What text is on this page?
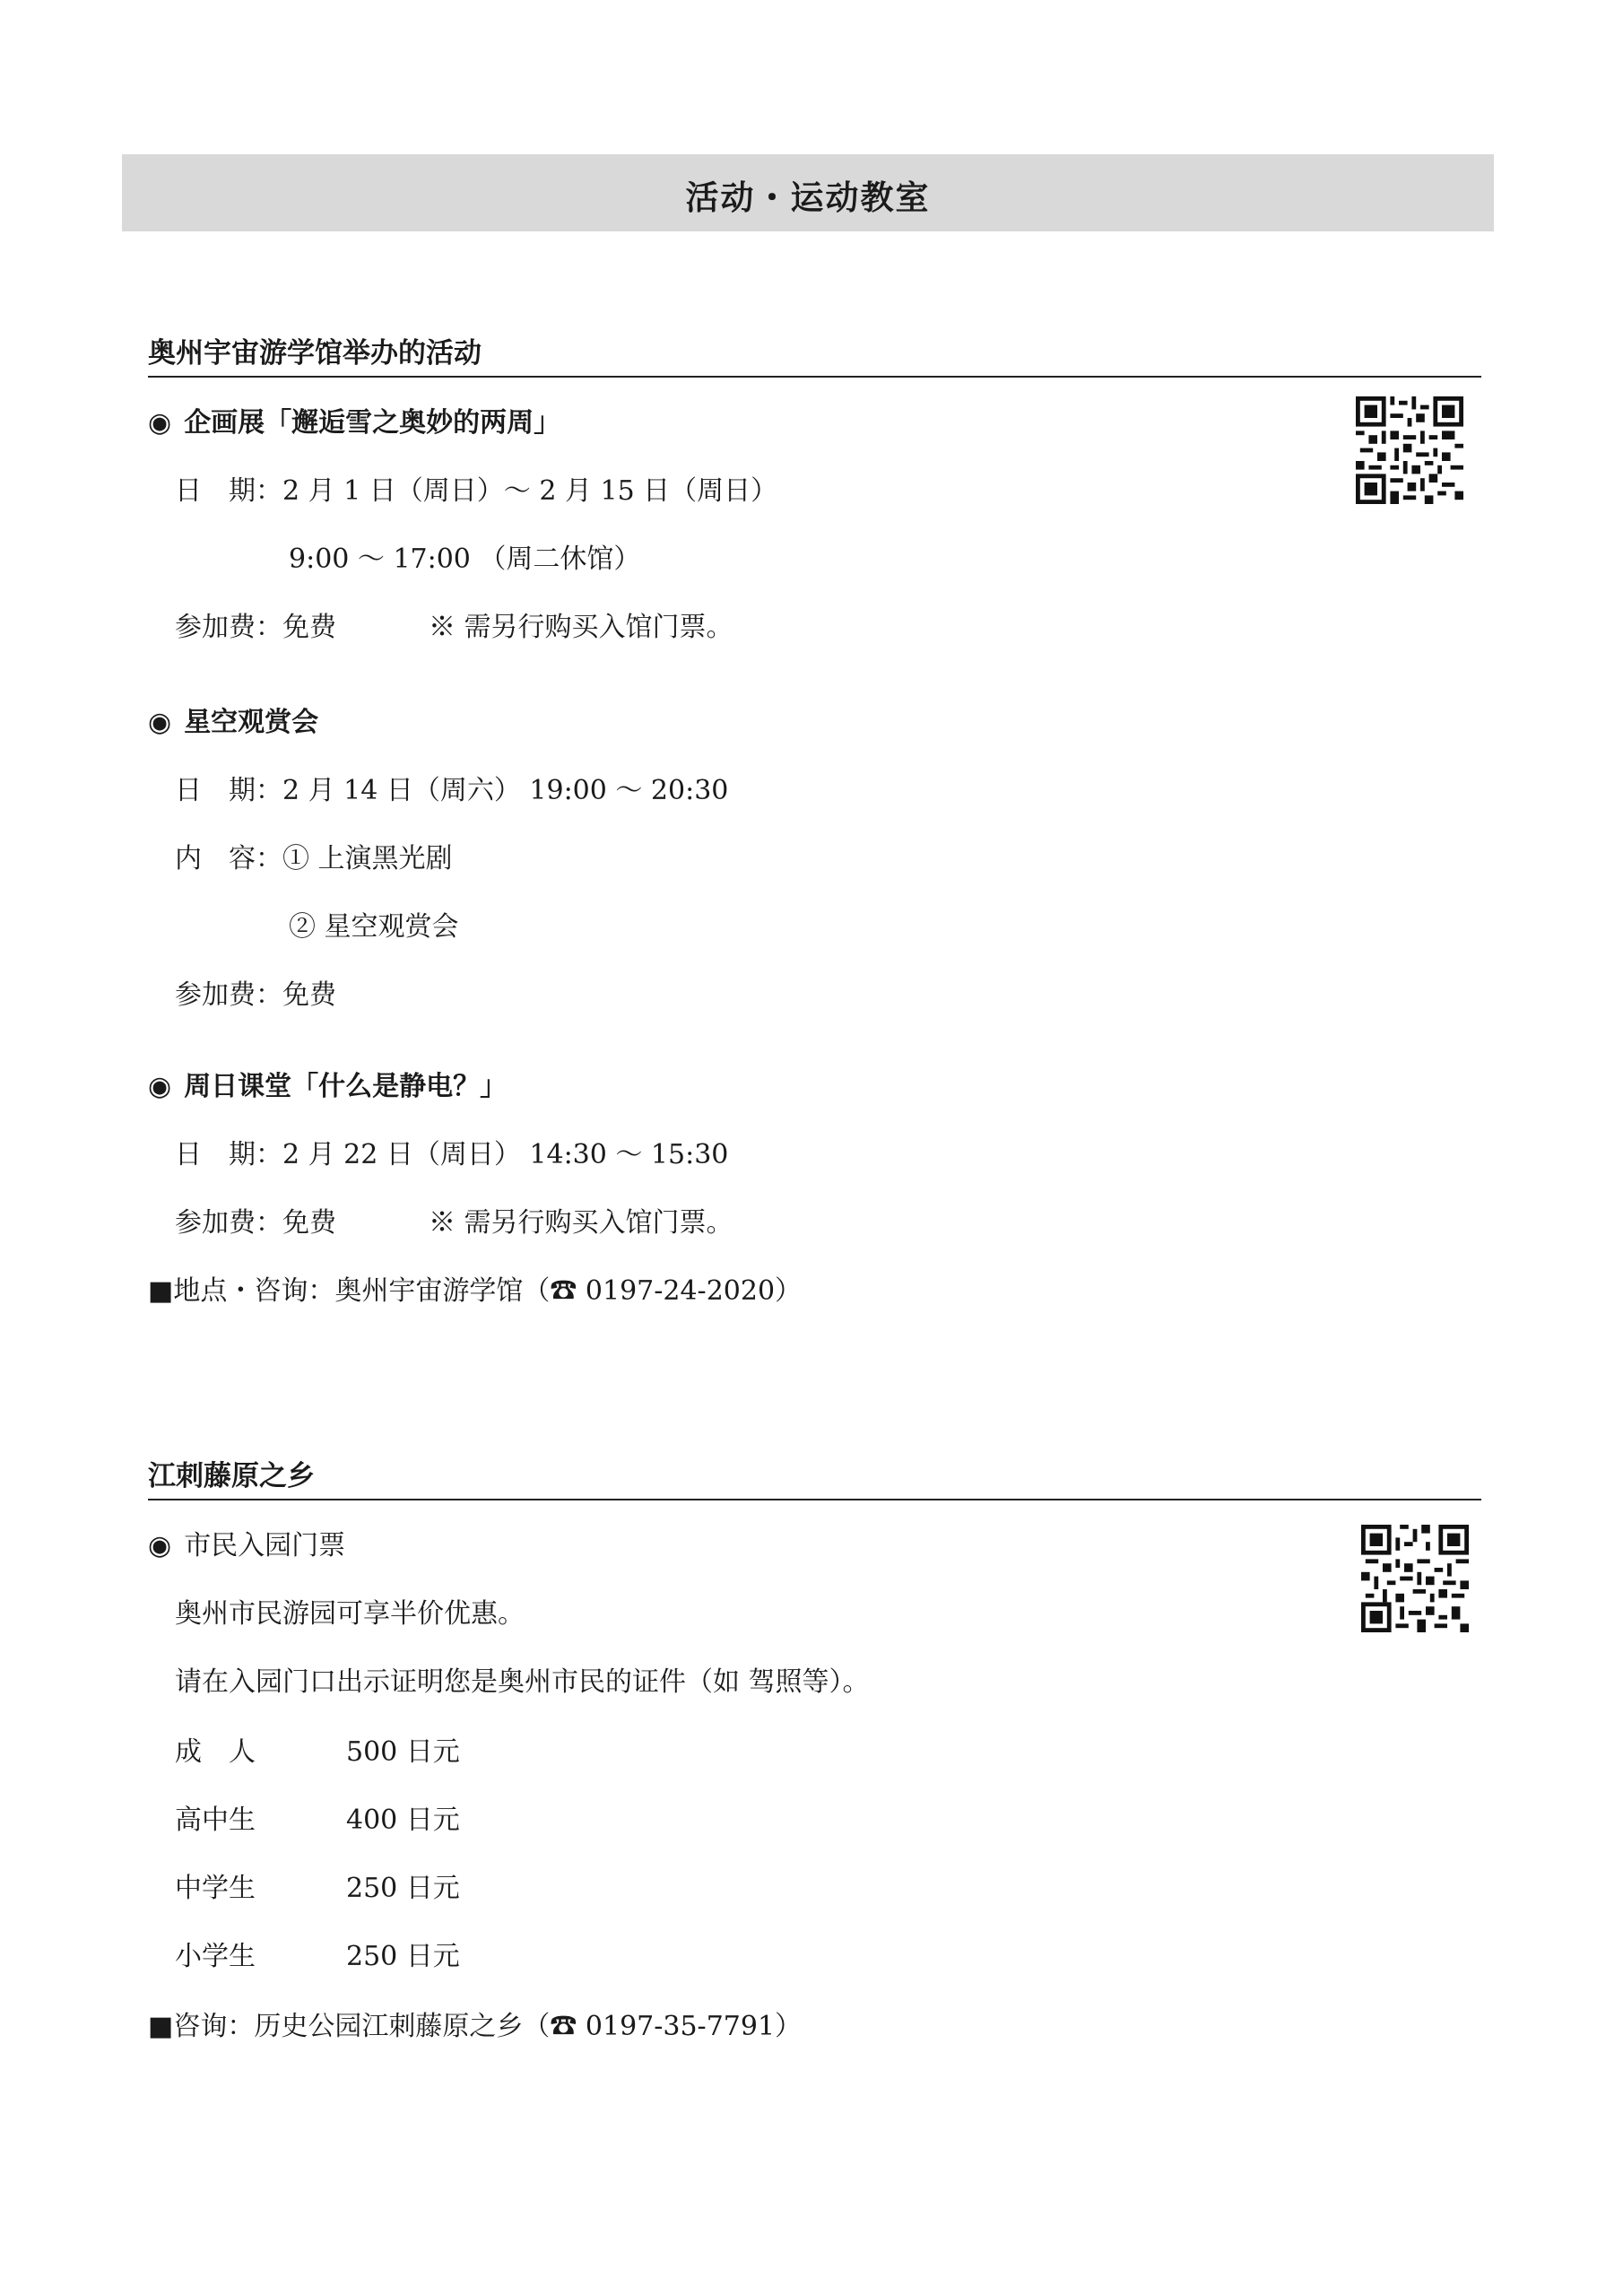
活动・运动教室
奥州宇宙游学馆举办的活动
◉ 企画展「邂逅雪之奥妙的两周」
日　期：2 月 1 日（周日）～ 2 月 15 日（周日）
9:00 ～ 17:00 （周二休馆）
参加费：免费	※ 需另行购买入馆门票。
◉ 星空观赏会
日　期：2 月 14 日（周六） 19:00 ～ 20:30
内　容：① 上演黑光剧
② 星空观赏会
参加费：免费
◉ 周日课堂「什么是静电？」
日　期：2 月 22 日（周日） 14:30 ～ 15:30
参加费：免费	※ 需另行购买入馆门票。
■地点・咨询：奥州宇宙游学馆（☎ 0197-24-2020）
江刺藤原之乡
◉ 市民入园门票
奥州市民游园可享半价优惠。
请在入园门口出示证明您是奥州市民的证件（如 驾照等）。
成　人	500 日元
高中生	400 日元
中学生	250 日元
小学生	250 日元
■咨询：历史公园江刺藤原之乡（☎ 0197-35-7791）
